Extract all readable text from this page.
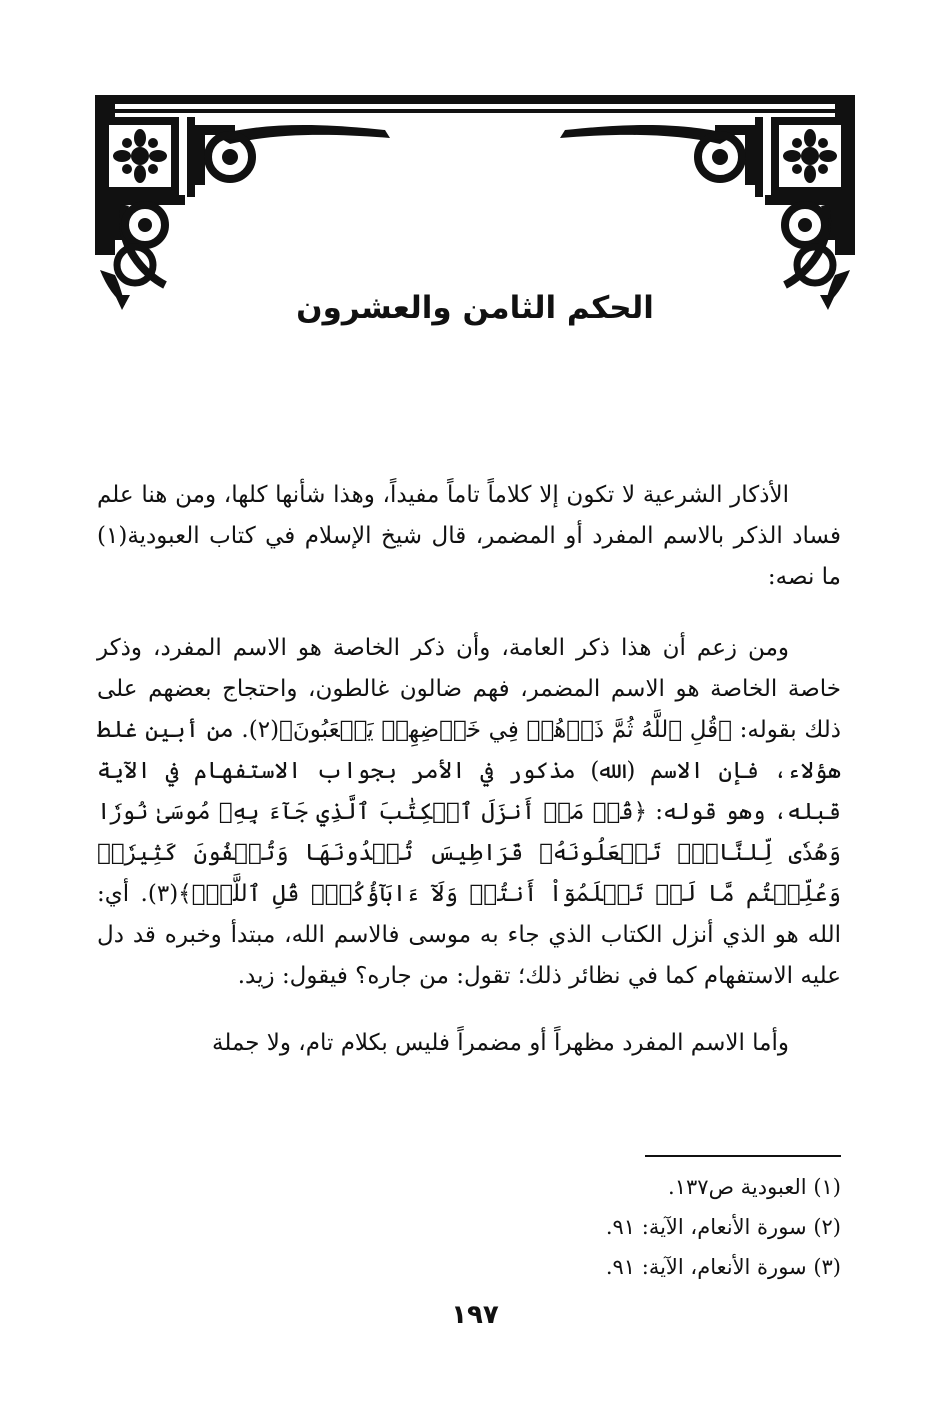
الحكم الثامن والعشرون

الأذكار الشرعية لا تكون إلا كلاماً تاماً مفيداً، وهذا شأنها كلها، ومن هنا علم فساد الذكر بالاسم المفرد أو المضمر، قال شيخ الإسلام في كتاب العبودية(١) ما نصه:

ومن زعم أن هذا ذكر العامة، وأن ذكر الخاصة هو الاسم المفرد، وذكر خاصة الخاصة هو الاسم المضمر، فهم ضالون غالطون، واحتجاج بعضهم على ذلك بقوله: ﴿قُلِ ٱللَّهُ ثُمَّ ذَرۡهُمۡ فِي خَوۡضِهِمۡ يَلۡعَبُونَ﴾(٢). من أبين غلط هؤلاء، فإن الاسم (الله) مذكور في الأمر بجواب الاستفهام في الآية قبله، وهو قوله: ﴿قُلۡ مَنۡ أَنزَلَ ٱلۡكِتَٰبَ ٱلَّذِي جَآءَ بِهِۦ مُوسَىٰ نُورٗا وَهُدٗى لِّلنَّاسِۖ تَجۡعَلُونَهُۥ قَرَاطِيسَ تُبۡدُونَهَا وَتُخۡفُونَ كَثِيرٗاۖ وَعُلِّمۡتُم مَّا لَمۡ تَعۡلَمُوٓاْ أَنتُمۡ وَلَآ ءَابَآؤُكُمۡۖ قُلِ ٱللَّهُۖ﴾(٣). أي: الله هو الذي أنزل الكتاب الذي جاء به موسى فالاسم الله، مبتدأ وخبره قد دل عليه الاستفهام كما في نظائر ذلك؛ تقول: من جاره؟ فيقول: زيد.

وأما الاسم المفرد مظهراً أو مضمراً فليس بكلام تام، ولا جملة

(١) العبودية ص١٣٧.
(٢) سورة الأنعام، الآية: ٩١.
(٣) سورة الأنعام، الآية: ٩١.
١٩٧
